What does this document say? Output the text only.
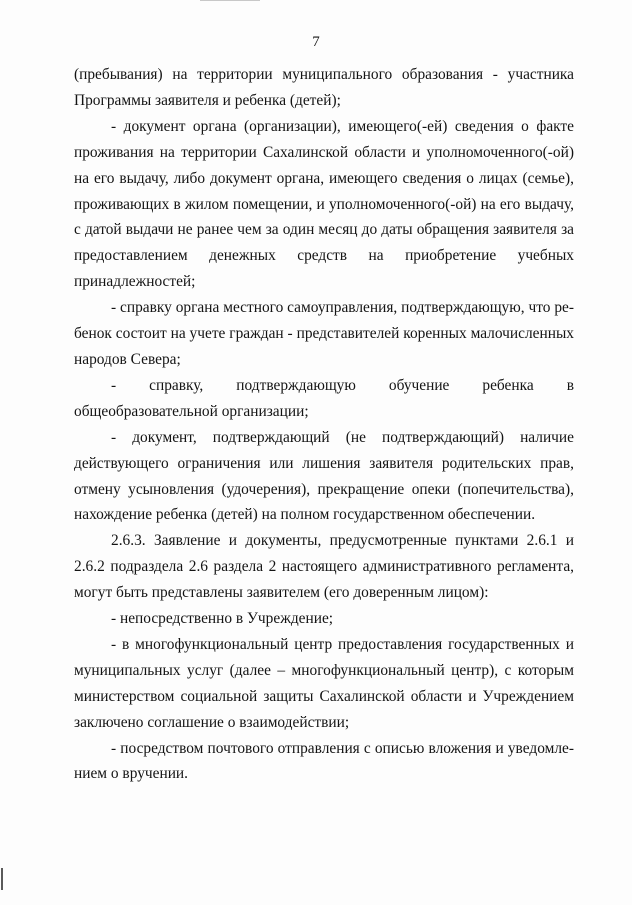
7

(пребывания) на территории муниципального образования - участника Программы заявителя и ребенка (детей);

- документ органа (организации), имеющего(-ей) сведения о факте проживания на территории Сахалинской области и уполномоченного(-ой) на его выдачу, либо документ органа, имеющего сведения о лицах (семье), проживающих в жилом помещении, и уполномоченного(-ой) на его выдачу, с датой выдачи не ранее чем за один месяц до даты обращения заявителя за предоставлением денежных средств на приобретение учебных принадлежностей;

- справку органа местного самоуправления, подтверждающую, что ребенок состоит на учете граждан - представителей коренных малочисленных народов Севера;

- справку, подтверждающую обучение ребенка в общеобразовательной организации;

- документ, подтверждающий (не подтверждающий) наличие действующего ограничения или лишения заявителя родительских прав, отмену усыновления (удочерения), прекращение опеки (попечительства), нахождение ребенка (детей) на полном государственном обеспечении.

2.6.3. Заявление и документы, предусмотренные пунктами 2.6.1 и 2.6.2 подраздела 2.6 раздела 2 настоящего административного регламента, могут быть представлены заявителем (его доверенным лицом):

- непосредственно в Учреждение;

- в многофункциональный центр предоставления государственных и муниципальных услуг (далее – многофункциональный центр), с которым министерством социальной защиты Сахалинской области и Учреждением заключено соглашение о взаимодействии;

- посредством почтового отправления с описью вложения и уведомлением о вручении.
